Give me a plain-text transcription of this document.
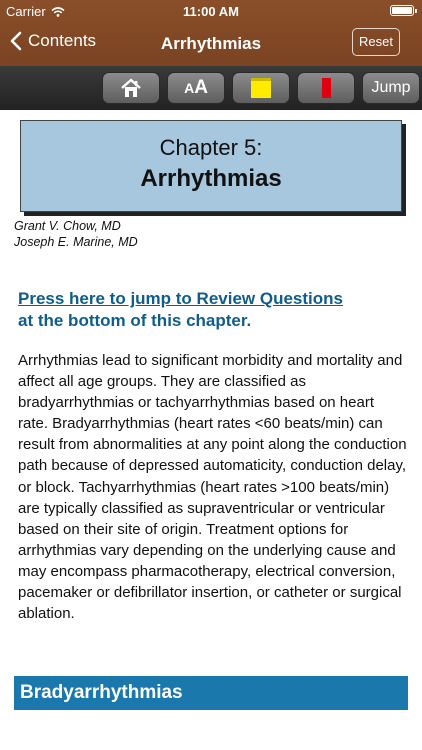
Carrier	11:00 AM
Contents	Arrhythmias	Reset
AA	Jump
Chapter 5:
Arrhythmias
Grant V. Chow, MD
Joseph E. Marine, MD
Press here to jump to Review Questions
at the bottom of this chapter.
Arrhythmias lead to significant morbidity and mortality and affect all age groups. They are classified as bradyarrhythmias or tachyarrhythmias based on heart rate. Bradyarrhythmias (heart rates <60 beats/min) can result from abnormalities at any point along the conduction path because of depressed automaticity, conduction delay, or block. Tachyarrhythmias (heart rates >100 beats/min) are typically classified as supraventricular or ventricular based on their site of origin. Treatment options for arrhythmias vary depending on the underlying cause and may encompass pharmacotherapy, electrical conversion, pacemaker or defibrillator insertion, or catheter or surgical ablation.
Bradyarrhythmias
